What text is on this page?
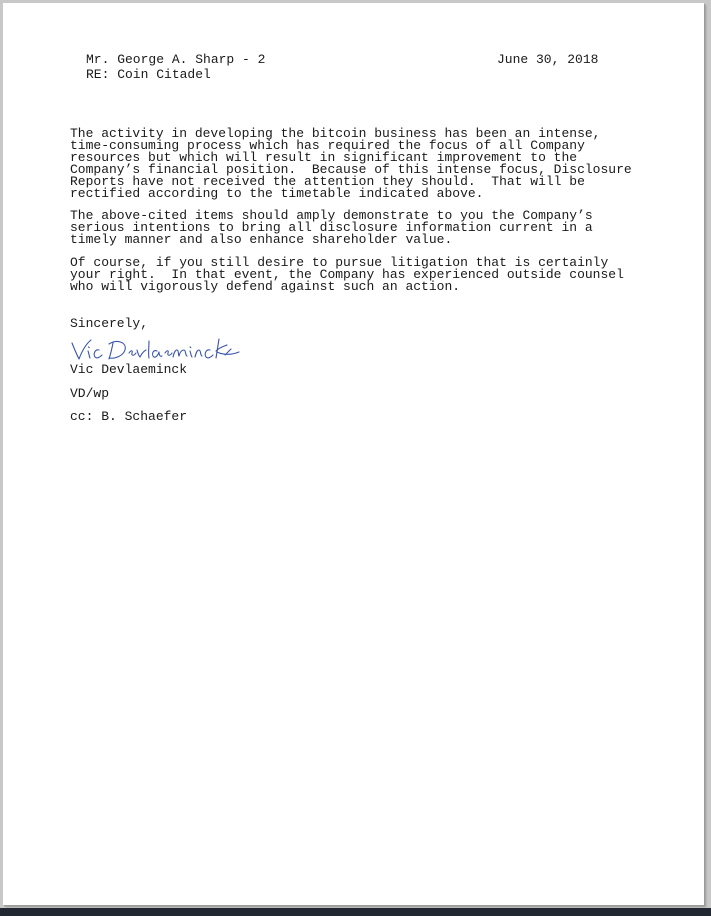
Mr. George A. Sharp - 2
RE: Coin Citadel
June 30, 2018

The activity in developing the bitcoin business has been an intense,

time-consuming process which has required the focus of all Company

resources but which will result in significant improvement to the

Company’s financial position.  Because of this intense focus, Disclosure

Reports have not received the attention they should.  That will be

rectified according to the timetable indicated above.

The above-cited items should amply demonstrate to you the Company’s

serious intentions to bring all disclosure information current in a

timely manner and also enhance shareholder value.

Of course, if you still desire to pursue litigation that is certainly

your right.  In that event, the Company has experienced outside counsel

who will vigorously defend against such an action.

Sincerely,
Vic Devlaeminck
VD/wp
cc: B. Schaefer
